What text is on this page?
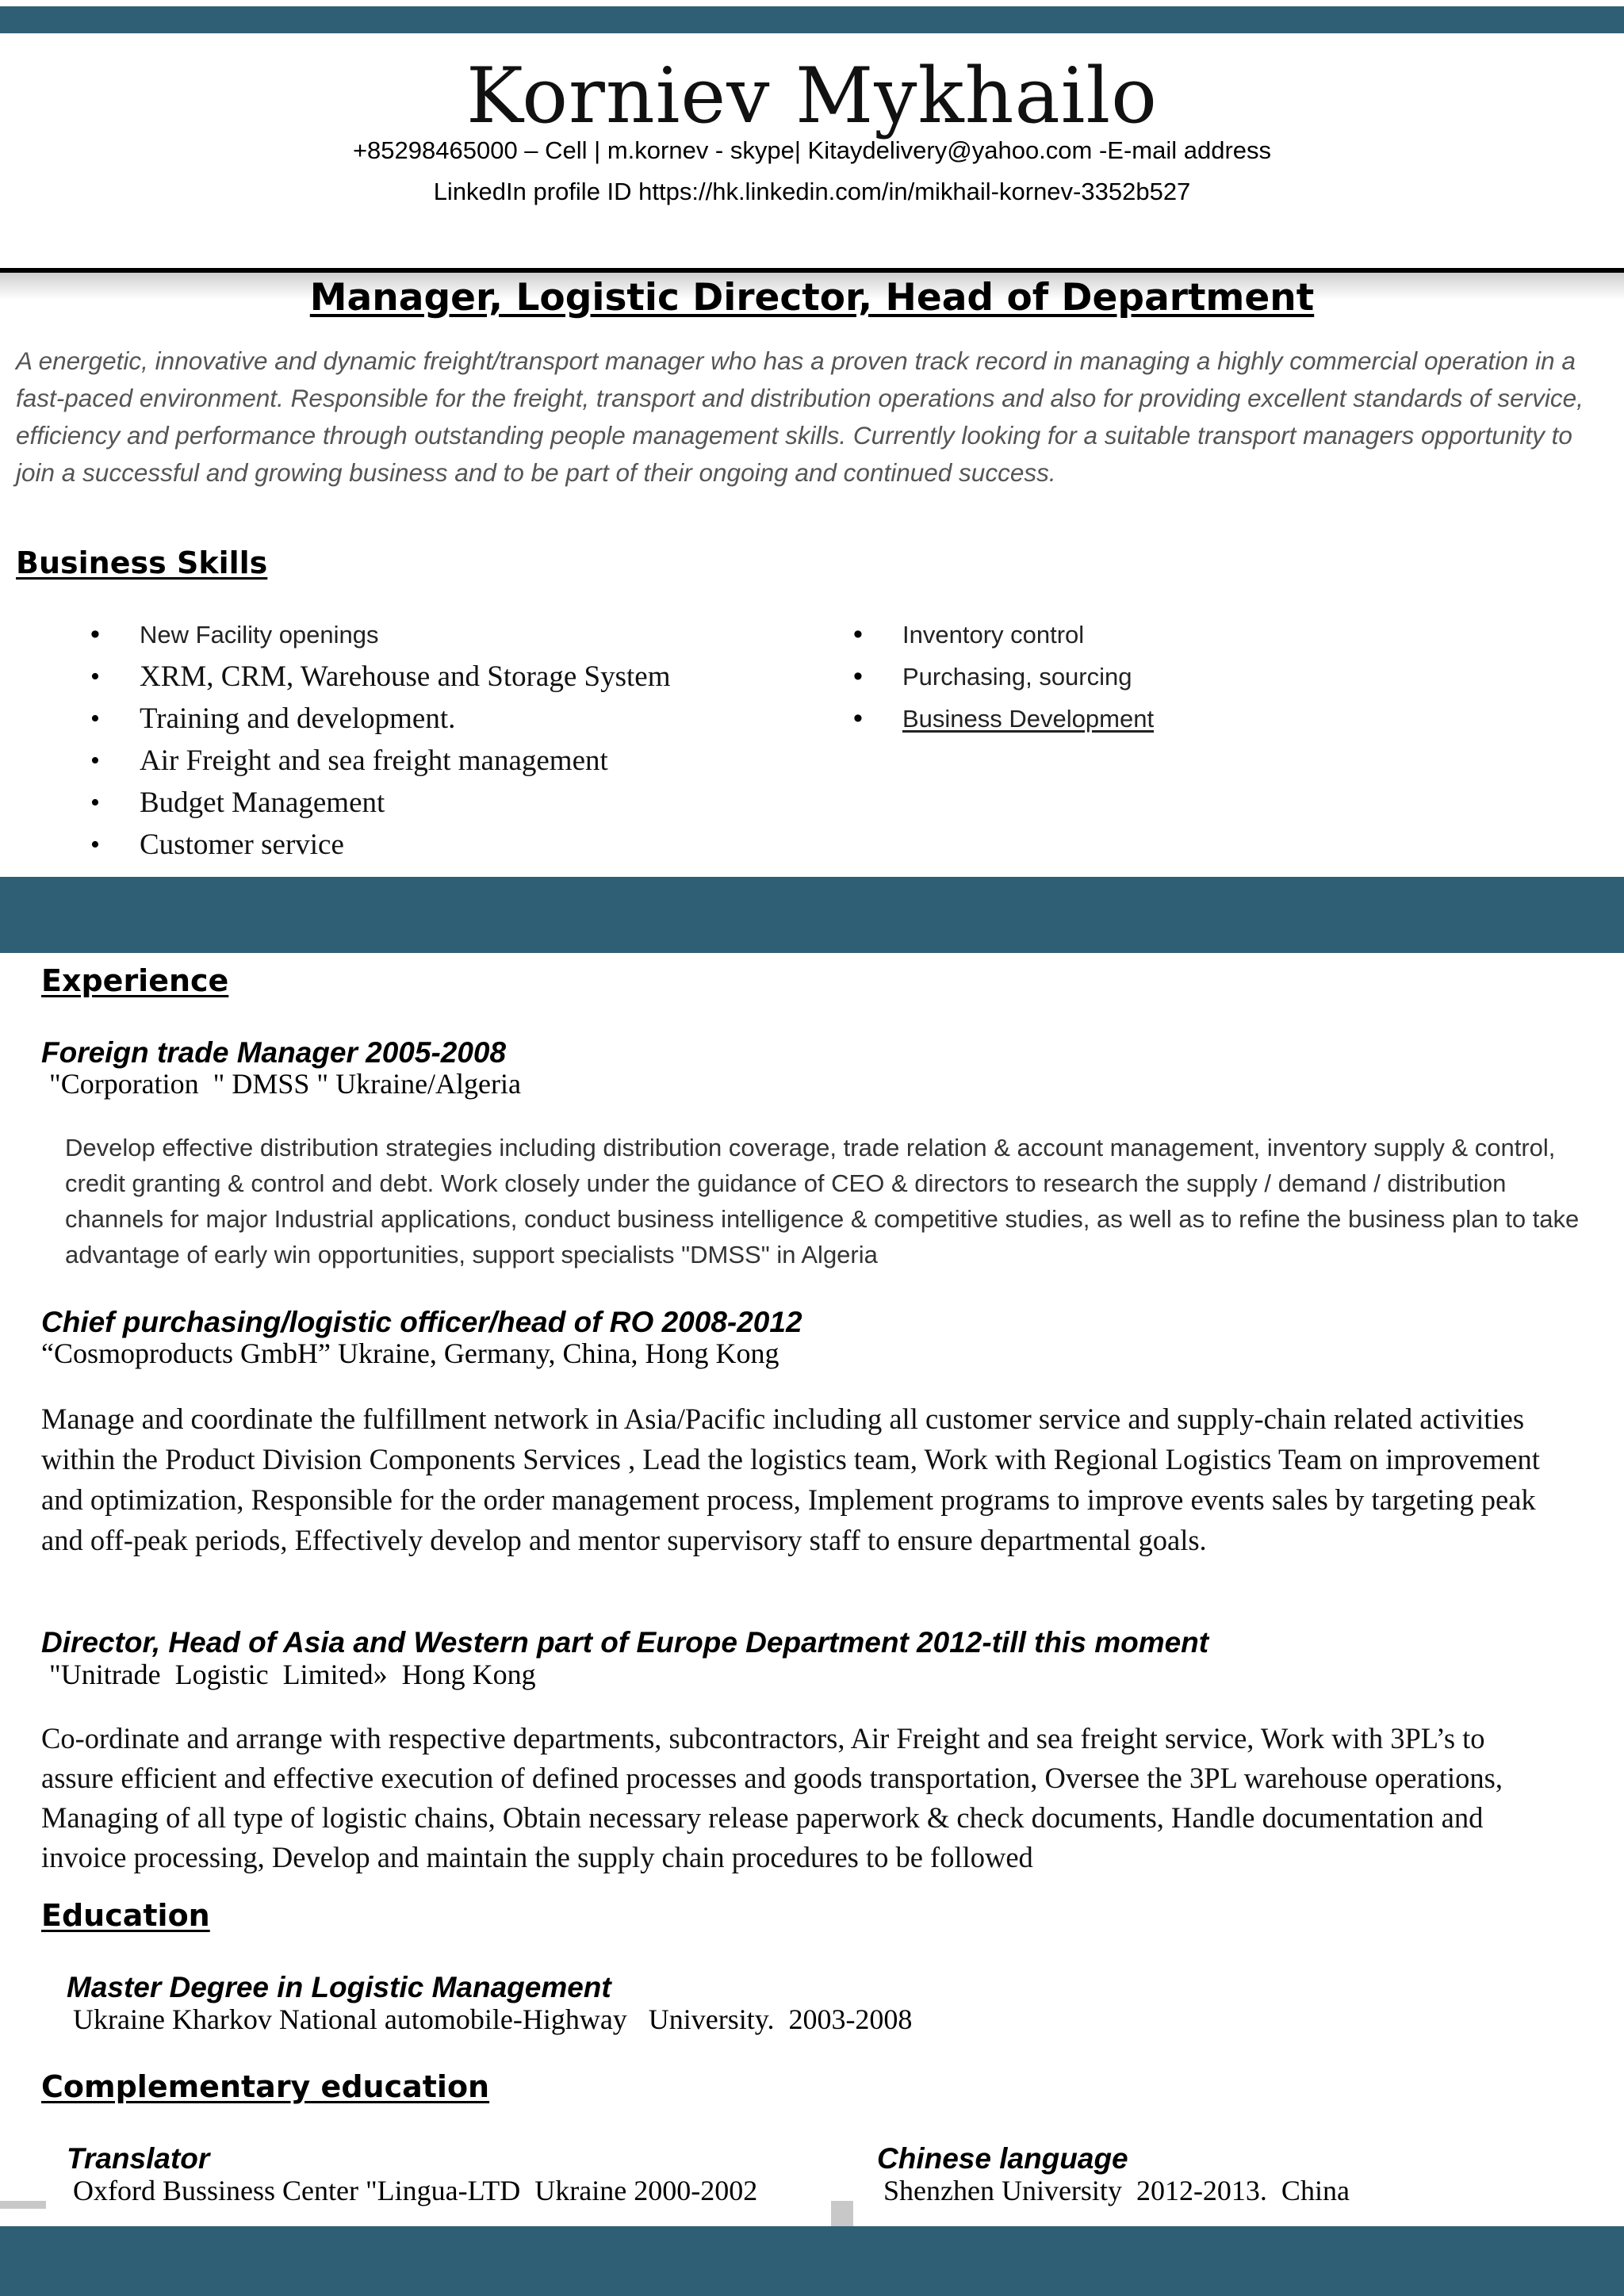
Korniev Mykhailo
+85298465000 – Cell | m.kornev - skype| Kitaydelivery@yahoo.com -E-mail address
LinkedIn profile ID https://hk.linkedin.com/in/mikhail-kornev-3352b527
Manager, Logistic Director, Head of Department

A energetic, innovative and dynamic freight/transport manager who has a proven track record in managing a highly commercial operation in a fast-paced environment. Responsible for the freight, transport and distribution operations and also for providing excellent standards of service, efficiency and performance through outstanding people management skills. Currently looking for a suitable transport managers opportunity to join a successful and growing business and to be part of their ongoing and continued success.

Business Skills
• New Facility openings
• XRM, CRM, Warehouse and Storage System
• Training and development.
• Air Freight and sea freight management
• Budget Management
• Customer service
• Inventory control
• Purchasing, sourcing
• Business Development
Experience

Foreign trade Manager 2005-2008

"Corporation  " DMSS " Ukraine/Algeria

Develop effective distribution strategies including distribution coverage, trade relation & account management, inventory supply & control, credit granting & control and debt. Work closely under the guidance of CEO & directors to research the supply / demand / distribution channels for major Industrial applications, conduct business intelligence & competitive studies, as well as to refine the business plan to take advantage of early win opportunities, support specialists "DMSS" in Algeria

Chief purchasing/logistic officer/head of RO 2008-2012

“Cosmoproducts GmbH” Ukraine, Germany, China, Hong Kong

Manage and coordinate the fulfillment network in Asia/Pacific including all customer service and supply-chain related activities within the Product Division Components Services , Lead the logistics team, Work with Regional Logistics Team on improvement and optimization, Responsible for the order management process, Implement programs to improve events sales by targeting peak and off-peak periods, Effectively develop and mentor supervisory staff to ensure departmental goals.

Director, Head of Asia and Western part of Europe Department 2012-till this moment

"Unitrade  Logistic  Limited»  Hong Kong

Co-ordinate and arrange with respective departments, subcontractors, Air Freight and sea freight service, Work with 3PL’s to assure efficient and effective execution of defined processes and goods transportation, Oversee the 3PL warehouse operations, Managing of all type of logistic chains, Obtain necessary release paperwork & check documents, Handle documentation and invoice processing, Develop and maintain the supply chain procedures to be followed

Education

Master Degree in Logistic Management

Ukraine Kharkov National automobile-Highway   University.  2003-2008

Complementary education

Translator

Oxford Bussiness Center "Lingua-LTD  Ukraine 2000-2002

Chinese language

Shenzhen University  2012-2013.  China
